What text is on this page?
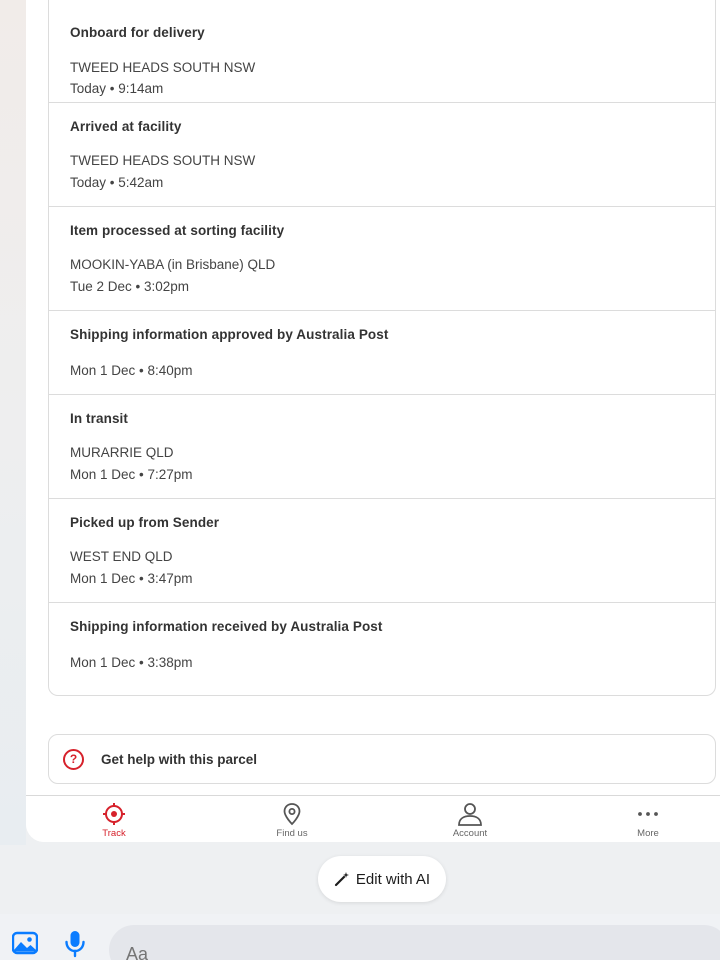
Onboard for delivery
TWEED HEADS SOUTH NSW
Today • 9:14am
Arrived at facility
TWEED HEADS SOUTH NSW
Today • 5:42am
Item processed at sorting facility
MOOKIN-YABA (in Brisbane) QLD
Tue 2 Dec • 3:02pm
Shipping information approved by Australia Post
Mon 1 Dec • 8:40pm
In transit
MURARRIE QLD
Mon 1 Dec • 7:27pm
Picked up from Sender
WEST END QLD
Mon 1 Dec • 3:47pm
Shipping information received by Australia Post
Mon 1 Dec • 3:38pm
?	Get help with this parcel
Track	Find us	Account	More
Edit with AI
Aa
